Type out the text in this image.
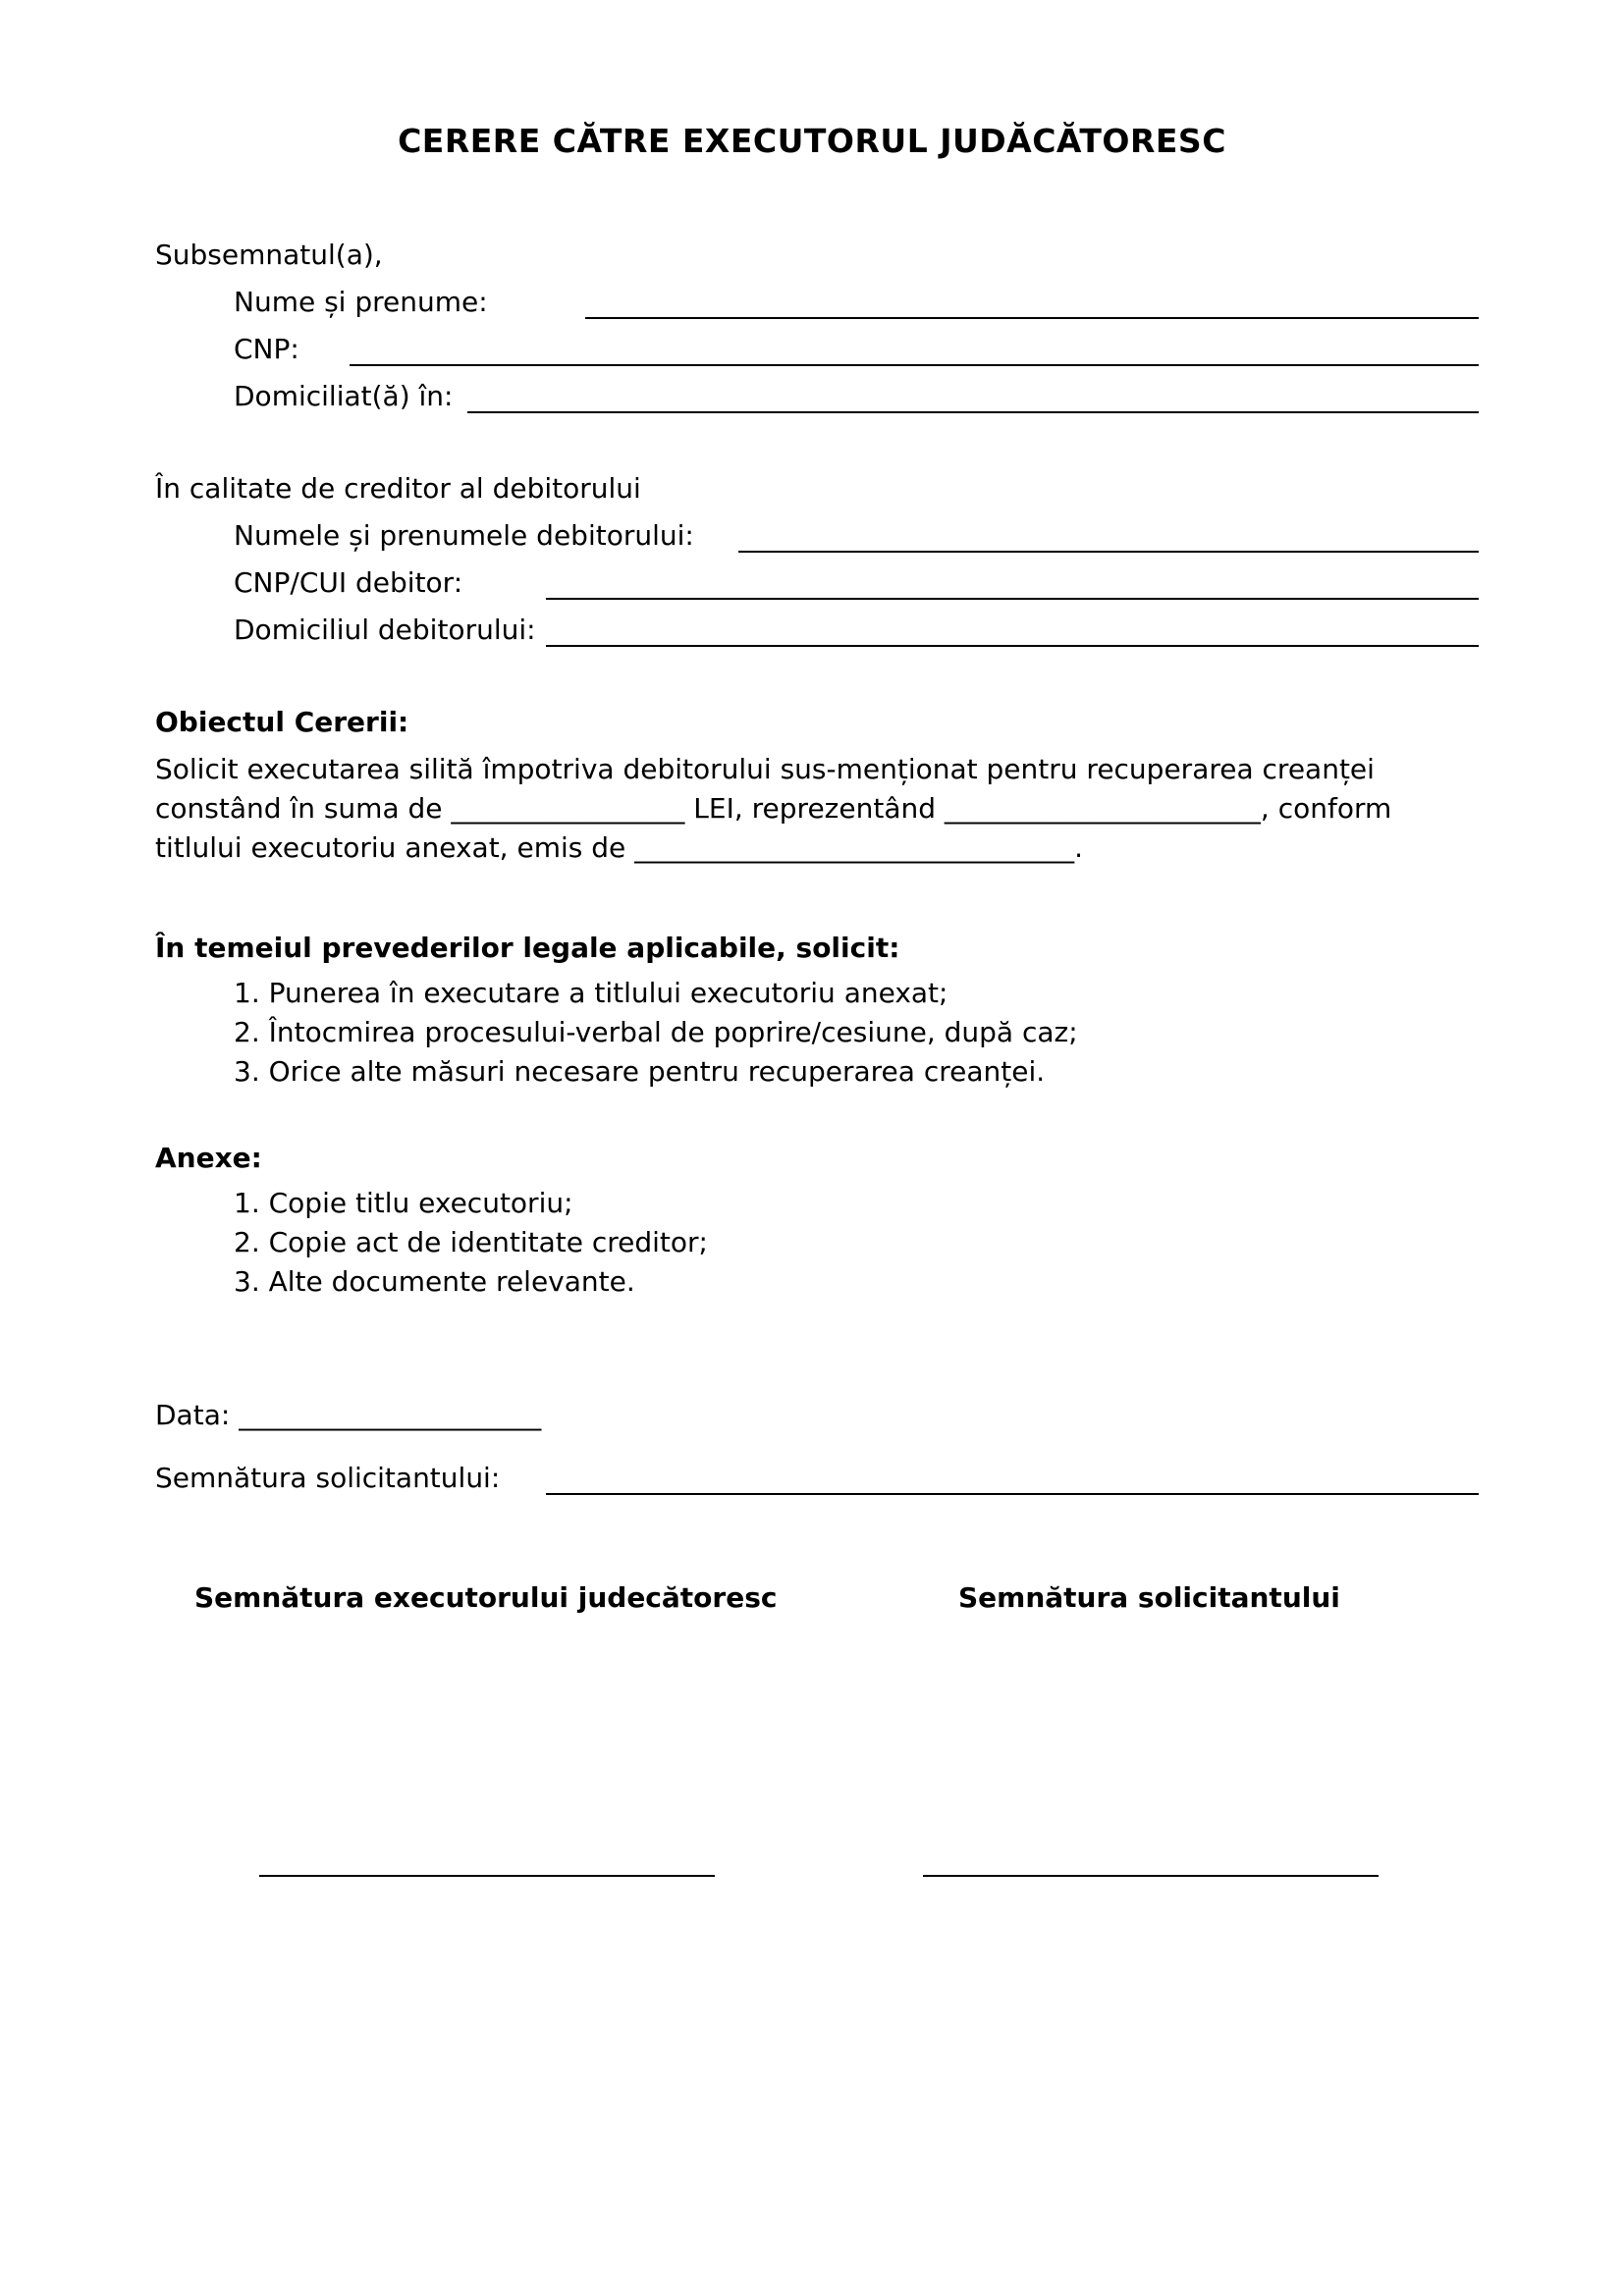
CERERE CĂTRE EXECUTORUL JUDĂCĂTORESC
Subsemnatul(a),
Nume și prenume:
CNP:
Domiciliat(ă) în:
În calitate de creditor al debitorului
Numele și prenumele debitorului:
CNP/CUI debitor:
Domiciliul debitorului:
Obiectul Cererii:
Solicit executarea silită împotriva debitorului sus-menționat pentru recuperarea creanței
constând în suma de _________________ LEI, reprezentând _______________________, conform
titlului executoriu anexat, emis de ________________________________.
În temeiul prevederilor legale aplicabile, solicit:
1. Punerea în executare a titlului executoriu anexat;
2. Întocmirea procesului-verbal de poprire/cesiune, după caz;
3. Orice alte măsuri necesare pentru recuperarea creanței.
Anexe:
1. Copie titlu executoriu;
2. Copie act de identitate creditor;
3. Alte documente relevante.
Data: ______________________
Semnătura solicitantului:
Semnătura executorului judecătoresc	Semnătura solicitantului
